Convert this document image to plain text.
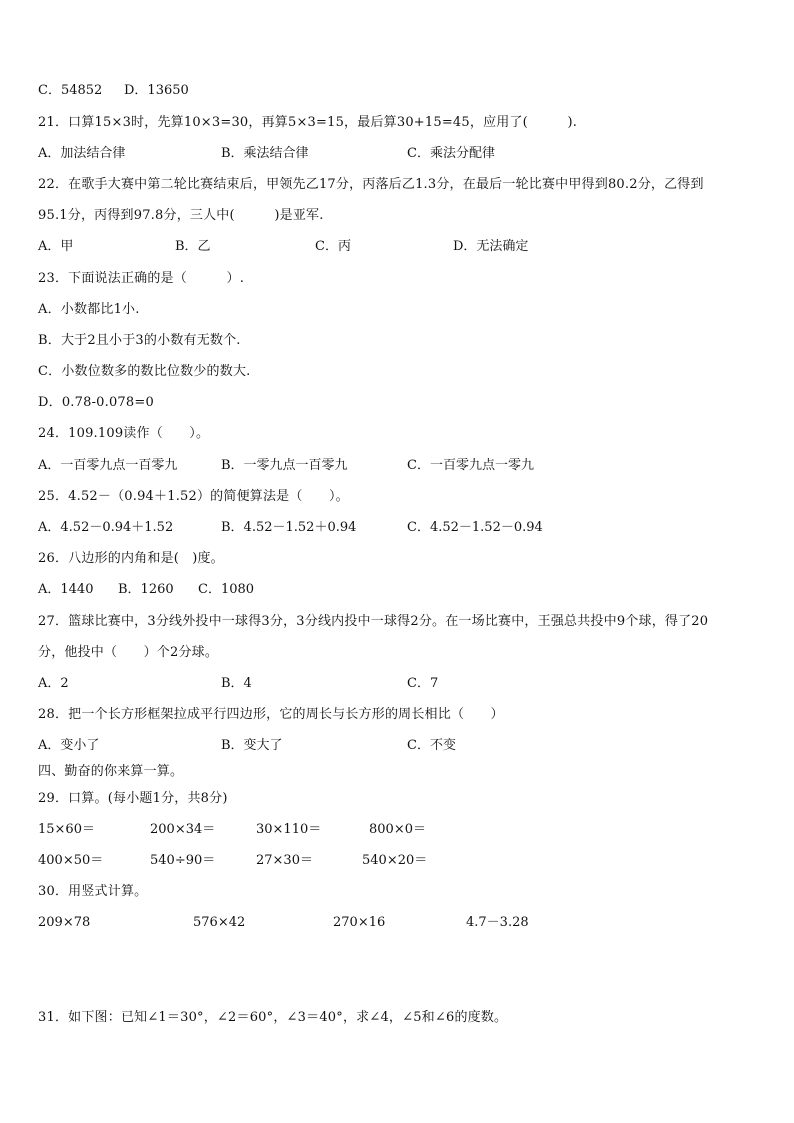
C．54852 D．13650
21．口算15×3时，先算10×3=30，再算5×3=15，最后算30+15=45，应用了(　　　).
A．加法结合律	B．乘法结合律	C．乘法分配律
22．在歌手大赛中第二轮比赛结束后，甲领先乙17分，丙落后乙1.3分，在最后一轮比赛中甲得到80.2分，乙得到
95.1分，丙得到97.8分，三人中(　　　)是亚军.
A．甲	B．乙	C．丙	D．无法确定
23．下面说法正确的是（　　　）.
A．小数都比1小.
B．大于2且小于3的小数有无数个.
C．小数位数多的数比位数少的数大.
D．0.78-0.078=0
24．109.109读作（　　）。
A．一百零九点一百零九	B．一零九点一百零九	C．一百零九点一零九
25．4.52－（0.94＋1.52）的简便算法是（　　）。
A．4.52－0.94＋1.52	B．4.52－1.52＋0.94	C．4.52－1.52－0.94
26．八边形的内角和是(　)度。
A．1440 B．1260 C．1080
27．篮球比赛中，3分线外投中一球得3分，3分线内投中一球得2分。在一场比赛中，王强总共投中9个球，得了20
分，他投中（　　）个2分球。
A．2	B．4	C．7
28．把一个长方形框架拉成平行四边形，它的周长与长方形的周长相比（　　）
A．变小了	B．变大了	C．不变
四、勤奋的你来算一算。
29．口算。(每小题1分，共8分)
15×60＝	200×34＝	30×110＝	800×0＝
400×50＝	540÷90＝	27×30＝	540×20＝
30．用竖式计算。
209×78	576×42	270×16	4.7－3.28
31．如下图：已知∠1＝30°，∠2＝60°，∠3＝40°，求∠4，∠5和∠6的度数。
